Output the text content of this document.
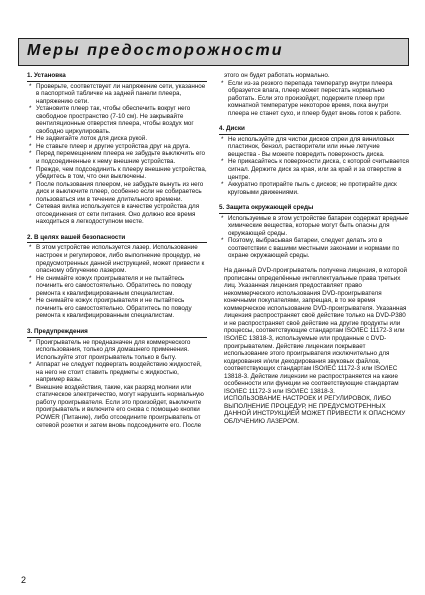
Меры предосторожности
1. Установка
* Проверьте, соответствует ли напряжение сети, указанное в паспортной табличке на задней панели плеера, напряжению сети.
* Установите плеер так, чтобы обеспечить вокруг него свободное пространство (7-10 см). Не закрывайте вентиляционные отверстия плеера, чтобы воздух мог свободно циркулировать.
* Не задвигайте лоток для диска рукой.
* Не ставьте плеер и другие устройства друг на друга.
* Перед перемещением плеера не забудьте выключить его и подсоединенные к нему внешние устройства.
* Прежде, чем подсоединить к плееру внешние устройства, убедитесь в том, что они выключены.
* После пользования плеером, не забудьте вынуть из него диск и выключите плеер, особенно если не собираетесь пользоваться им в течение длительного времени.
* Сетевая вилка используется в качестве устройства для отсоединения от сети питания. Оно должно все время находиться в легкодоступном месте.
2. В целях вашей безопасности
* В этом устройстве используется лазер. Использование настроек и регулировок, либо выполнение процедур, не предусмотренных данной инструкцией, может привести к опасному облучению лазером.
* Не снимайте кожух проигрывателя и не пытайтесь починить его самостоятельно. Обратитесь по поводу ремонта к квалифицированным специалистам.
* Не снимайте кожух проигрывателя и не пытайтесь починить его самостоятельно. Обратитесь по поводу ремонта к квалифицированным специалистам.
3. Предупреждения
* Проигрыватель не предназначен для коммерческого использования, только для домашнего применения. Используйте этот проигрыватель только в быту.
* Аппарат не следует подвергать воздействию жидкостей, на него не стоит ставить предметы с жидкостью, например вазы.
* Внешние воздействия, такие, как разряд молнии или статическое электричество, могут нарушить нормальную работу проигрывателя. Если это произойдет, выключите проигрыватель и включите его снова с помощью кнопки POWER (Питание), либо отсоедините проигрыватель от сетевой розетки и затем вновь подсоедините его. После
этого он будет работать нормально.
* Если из-за резкого перепада температур внутри плеера образуется влага, плеер может перестать нормально работать. Если это произойдет, подержите плеер при комнатной температуре некоторое время, пока внутри плеера не станет сухо, и плеер будет вновь готов к работе.
4. Диски
* Не используйте для чистки дисков спреи для виниловых пластинок, бензол, растворители или иные летучие вещества - Вы можете повредить поверхность диска.
* Не прикасайтесь к поверхности диска, с которой считывается сигнал. Держите диск за края, или за край и за отверстие в центре.
* Аккуратно протирайте пыль с дисков; не протирайте диск круговыми движениями.
5. Защита окружающей среды
* Используемые в этом устройстве батареи содержат вредные химические вещества, которые могут быть опасны для окружающей среды.
* Поэтому, выбрасывая батареи, следует делать это в соответствии с вашими местными законами и нормами по охране окружающей среды.
На данный DVD-проигрыватель получена лицензия, в которой прописаны определённые интеллектуальные права третьих лиц. Указанная лицензия предоставляет право некоммерческого использования DVD-проигрывателя конечными покупателями, запрещая, в то же время коммерческое использование DVD-проигрывателя. Указанная лицензия распространяет своё действие только на DVD-P380 и не распространяет своё действие на другие продукты или процессы, соответствующие стандартам ISO/IEC 11172-3 или ISO/IEC 13818-3, используемые или проданные с DVD-проигрывателем. Действие лицензии покрывает использование этого проигрывателя исключительно для кодирования и/или декодирования звуковых файлов, соответствующих стандартам ISO/IEC 11172-3 или ISO/IEC 13818-3. Действие лицензии не распространяется на какие особенности или функции не соответствующие стандартам ISO/IEC 11172-3 или ISO/IEC 13818-3.
ИСПОЛЬЗОВАНИЕ НАСТРОЕК И РЕГУЛИРОВОК, ЛИБО ВЫПОЛНЕНИЕ ПРОЦЕДУР, НЕ ПРЕДУСМОТРЕННЫХ ДАННОЙ ИНСТРУКЦИЕЙ МОЖЕТ ПРИВЕСТИ К ОПАСНОМУ ОБЛУЧЕНИЮ ЛАЗЕРОМ.
2
